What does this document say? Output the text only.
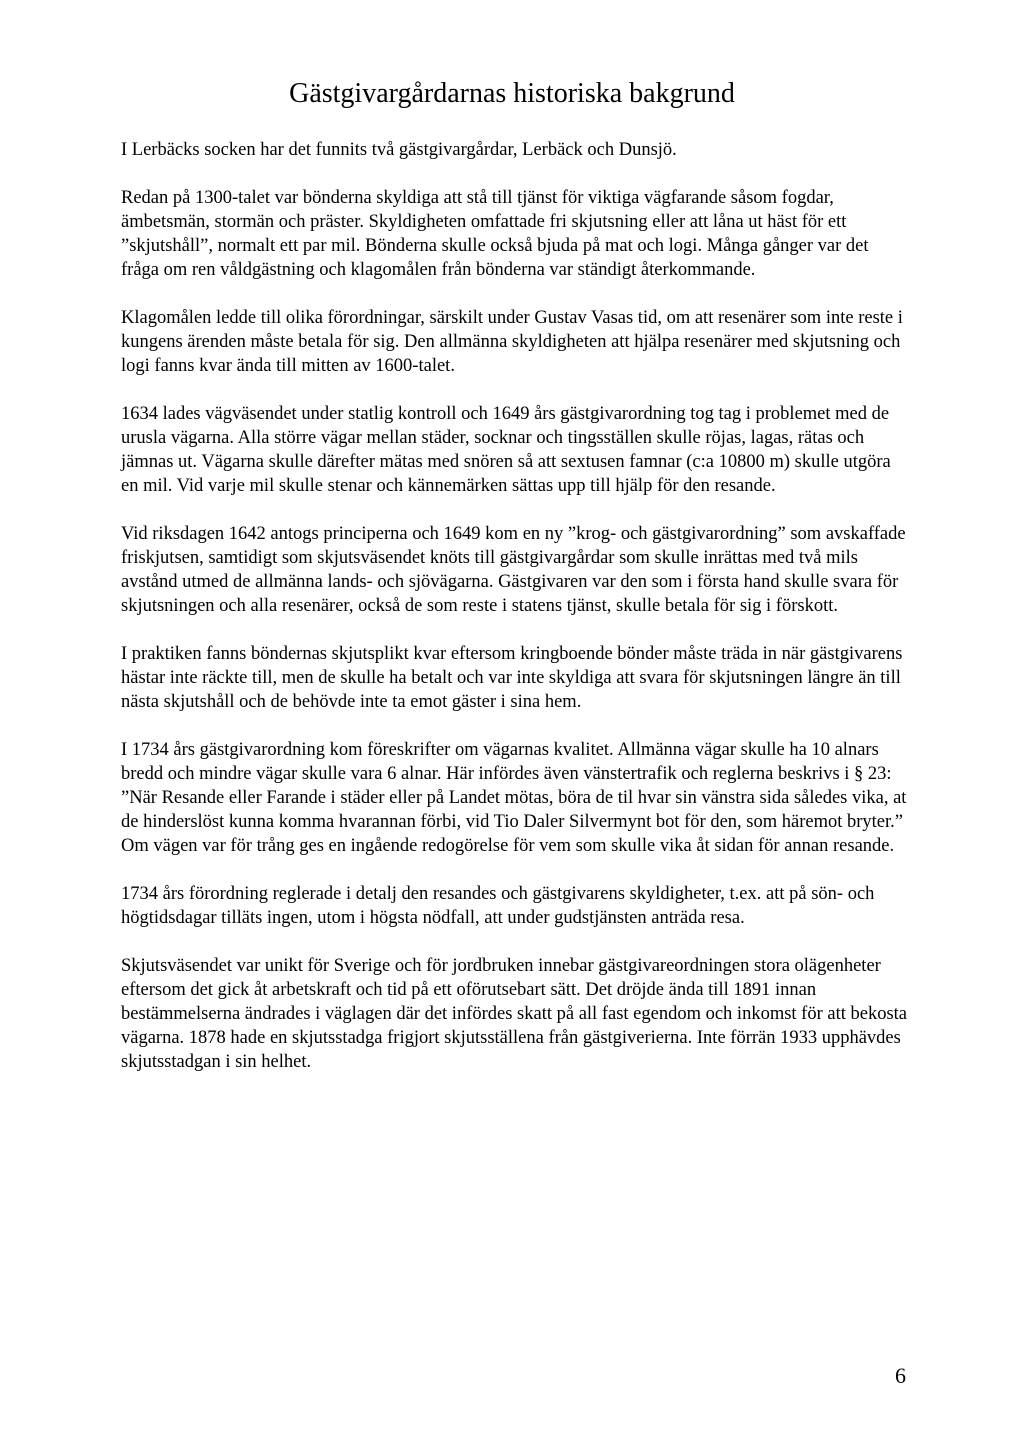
Gästgivargårdarnas historiska bakgrund

I Lerbäcks socken har det funnits två gästgivargårdar, Lerbäck och Dunsjö.

Redan på 1300-talet var bönderna skyldiga att stå till tjänst för viktiga vägfarande såsom fogdar, ämbetsmän, stormän och präster. Skyldigheten omfattade fri skjutsning eller att låna ut häst för ett ”skjutshåll”, normalt ett par mil. Bönderna skulle också bjuda på mat och logi. Många gånger var det fråga om ren våldgästning och klagomålen från bönderna var ständigt återkommande.

Klagomålen ledde till olika förordningar, särskilt under Gustav Vasas tid, om att resenärer som inte reste i kungens ärenden måste betala för sig. Den allmänna skyldigheten att hjälpa resenärer med skjutsning och logi fanns kvar ända till mitten av 1600-talet.

1634 lades vägväsendet under statlig kontroll och 1649 års gästgivarordning tog tag i problemet med de urusla vägarna. Alla större vägar mellan städer, socknar och tingsställen skulle röjas, lagas, rätas och jämnas ut. Vägarna skulle därefter mätas med snören så att sextusen famnar (c:a 10800 m) skulle utgöra en mil. Vid varje mil skulle stenar och kännemärken sättas upp till hjälp för den resande.

Vid riksdagen 1642 antogs principerna och 1649 kom en ny ”krog- och gästgivarordning” som avskaffade friskjutsen, samtidigt som skjutsväsendet knöts till gästgivargårdar som skulle inrättas med två mils avstånd utmed de allmänna lands- och sjövägarna. Gästgivaren var den som i första hand skulle svara för skjutsningen och alla resenärer, också de som reste i statens tjänst, skulle betala för sig i förskott.

I praktiken fanns böndernas skjutsplikt kvar eftersom kringboende bönder måste träda in när gästgivarens hästar inte räckte till, men de skulle ha betalt och var inte skyldiga att svara för skjutsningen längre än till nästa skjutshåll och de behövde inte ta emot gäster i sina hem.

I 1734 års gästgivarordning kom föreskrifter om vägarnas kvalitet. Allmänna vägar skulle ha 10 alnars bredd och mindre vägar skulle vara 6 alnar. Här infördes även vänstertrafik och reglerna beskrivs i § 23: ”När Resande eller Farande i städer eller på Landet mötas, böra de til hvar sin vänstra sida således vika, at de hinderslöst kunna komma hvarannan förbi, vid Tio Daler Silvermynt bot för den, som häremot bryter.” Om vägen var för trång ges en ingående redogörelse för vem som skulle vika åt sidan för annan resande.

1734 års förordning reglerade i detalj den resandes och gästgivarens skyldigheter, t.ex. att på sön- och högtidsdagar tilläts ingen, utom i högsta nödfall, att under gudstjänsten anträda resa.

Skjutsväsendet var unikt för Sverige och för jordbruken innebar gästgivareordningen stora olägenheter eftersom det gick åt arbetskraft och tid på ett oförutsebart sätt. Det dröjde ända till 1891 innan bestämmelserna ändrades i väglagen där det infördes skatt på all fast egendom och inkomst för att bekosta vägarna. 1878 hade en skjutsstadga frigjort skjutsställena från gästgiverierna. Inte förrän 1933 upphävdes skjutsstadgan i sin helhet.

6
